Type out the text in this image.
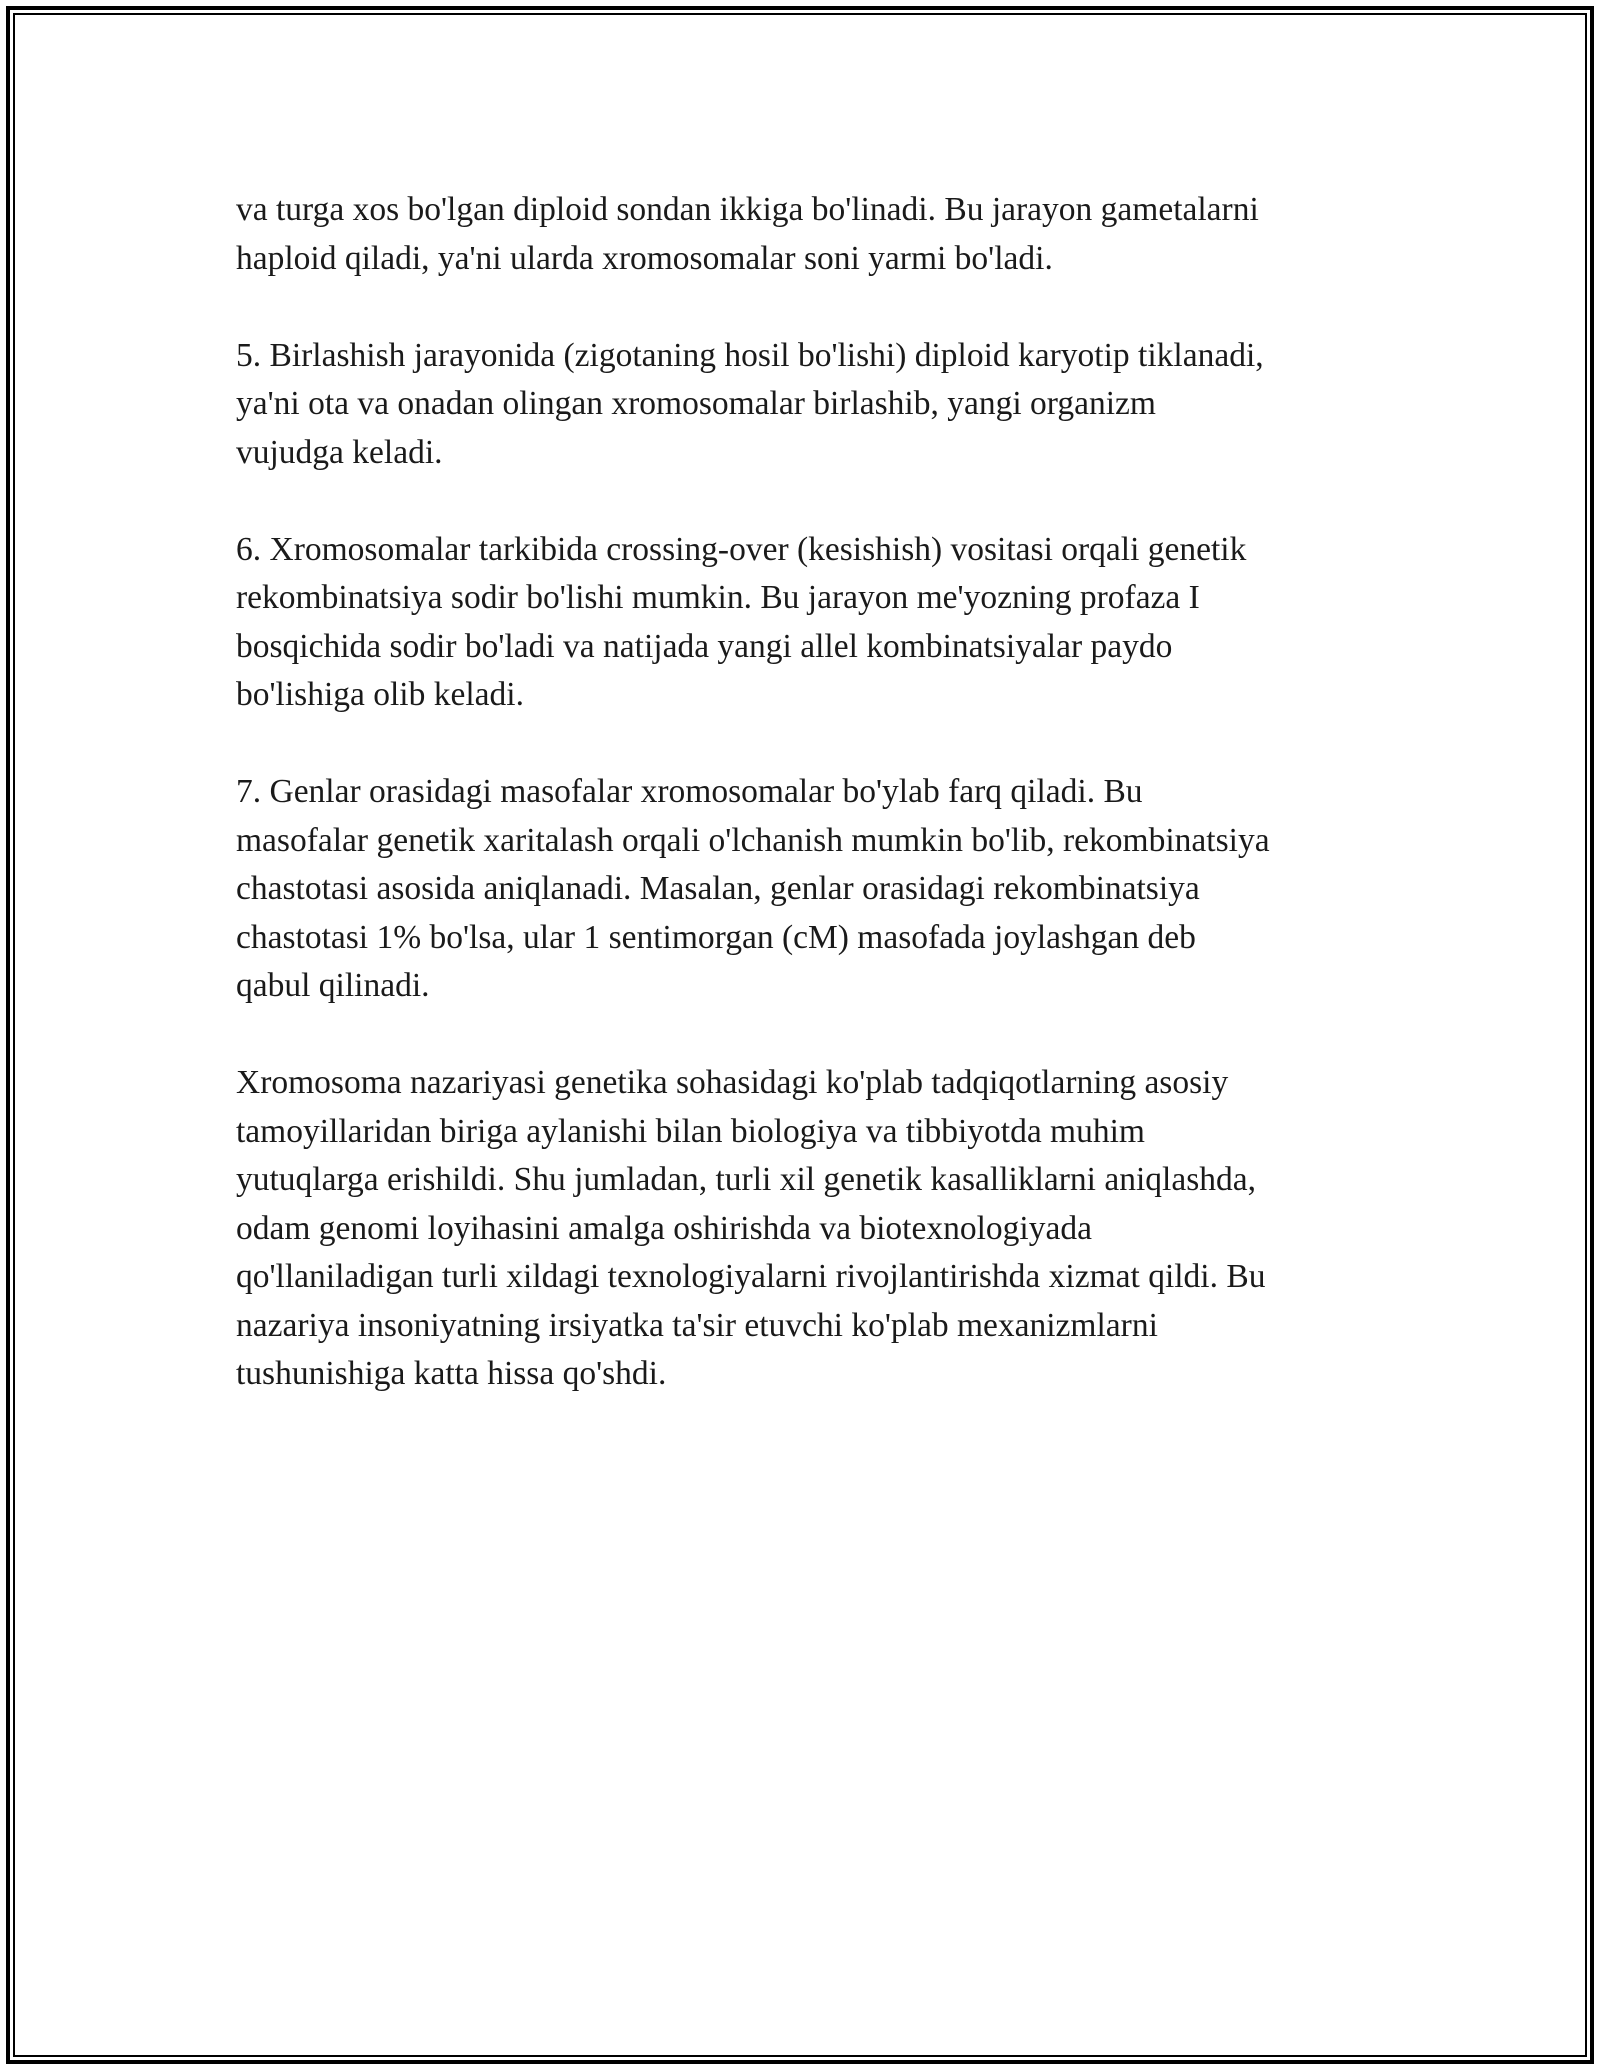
va turga xos bo'lgan diploid sondan ikkiga bo'linadi. Bu jarayon gametalarni
haploid qiladi, ya'ni ularda xromosomalar soni yarmi bo'ladi.

5. Birlashish jarayonida (zigotaning hosil bo'lishi) diploid karyotip tiklanadi,
ya'ni ota va onadan olingan xromosomalar birlashib, yangi organizm
vujudga keladi.

6. Xromosomalar tarkibida crossing-over (kesishish) vositasi orqali genetik
rekombinatsiya sodir bo'lishi mumkin. Bu jarayon me'yozning profaza I
bosqichida sodir bo'ladi va natijada yangi allel kombinatsiyalar paydo
bo'lishiga olib keladi.

7. Genlar orasidagi masofalar xromosomalar bo'ylab farq qiladi. Bu
masofalar genetik xaritalash orqali o'lchanish mumkin bo'lib, rekombinatsiya
chastotasi asosida aniqlanadi. Masalan, genlar orasidagi rekombinatsiya
chastotasi 1% bo'lsa, ular 1 sentimorgan (cM) masofada joylashgan deb
qabul qilinadi.

Xromosoma nazariyasi genetika sohasidagi ko'plab tadqiqotlarning asosiy
tamoyillaridan biriga aylanishi bilan biologiya va tibbiyotda muhim
yutuqlarga erishildi. Shu jumladan, turli xil genetik kasalliklarni aniqlashda,
odam genomi loyihasini amalga oshirishda va biotexnologiyada
qo'llaniladigan turli xildagi texnologiyalarni rivojlantirishda xizmat qildi. Bu
nazariya insoniyatning irsiyatka ta'sir etuvchi ko'plab mexanizmlarni
tushunishiga katta hissa qo'shdi.
